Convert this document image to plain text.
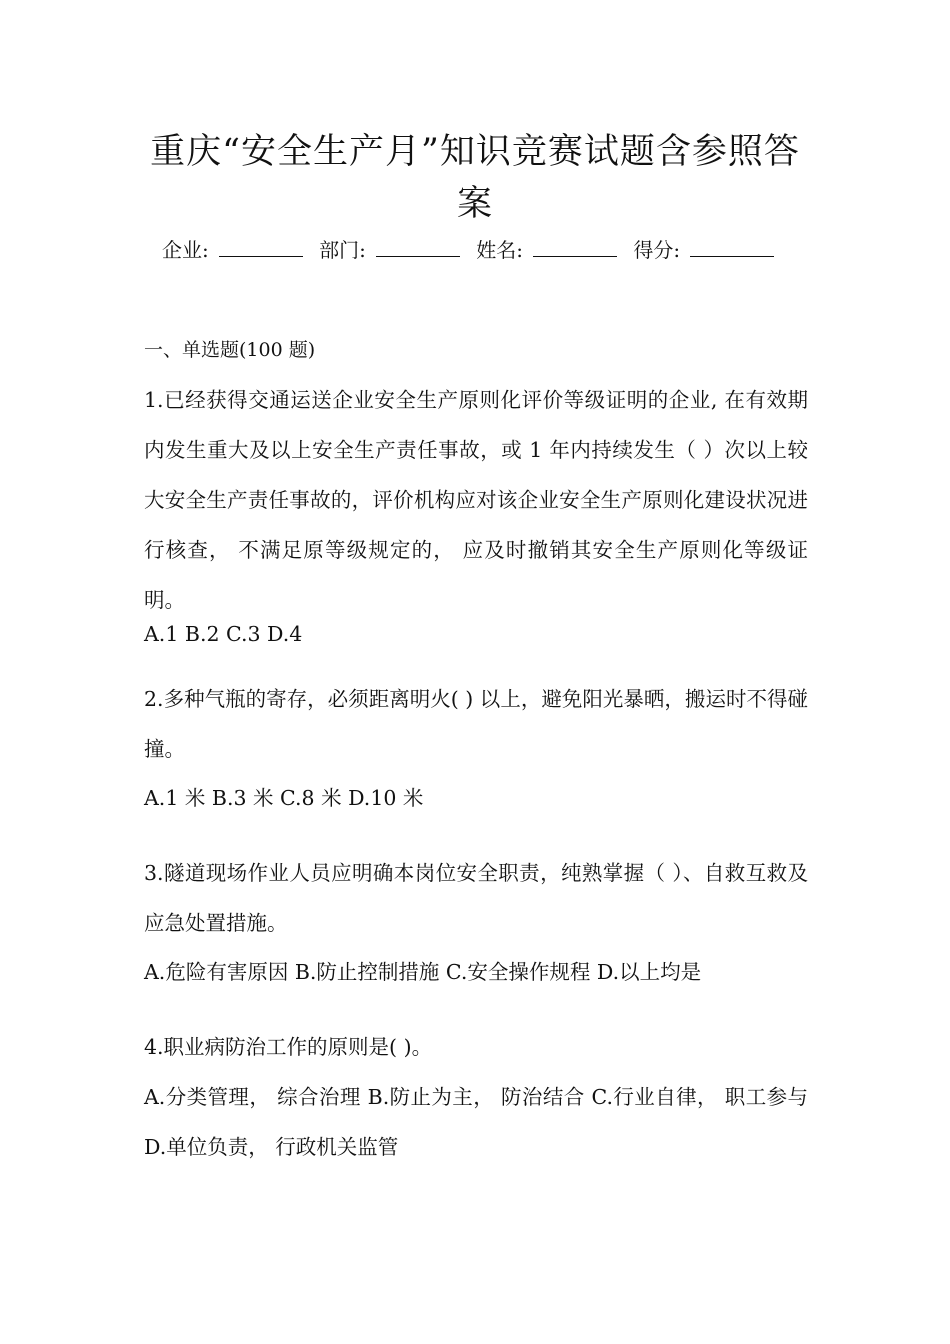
重庆“安全生产月”知识竞赛试题含参照答案
企业:	部门:	姓名:	得分:
一、单选题(100 题)
1.已经获得交通运送企业安全生产原则化评价等级证明的企业, 在有效期内发生重大及以上安全生产责任事故，或 1 年内持续发生（ ）次以上较大安全生产责任事故的，评价机构应对该企业安全生产原则化建设状况进行核查， 不满足原等级规定的， 应及时撤销其安全生产原则化等级证明。
A.1 B.2 C.3 D.4
2.多种气瓶的寄存，必须距离明火( ) 以上，避免阳光暴晒，搬运时不得碰撞。
A.1 米 B.3 米 C.8 米 D.10 米
3.隧道现场作业人员应明确本岗位安全职责，纯熟掌握（ ）、自救互救及应急处置措施。
A.危险有害原因 B.防止控制措施 C.安全操作规程 D.以上均是
4.职业病防治工作的原则是( )。
A.分类管理， 综合治理 B.防止为主， 防治结合 C.行业自律， 职工参与 D.单位负责， 行政机关监管
